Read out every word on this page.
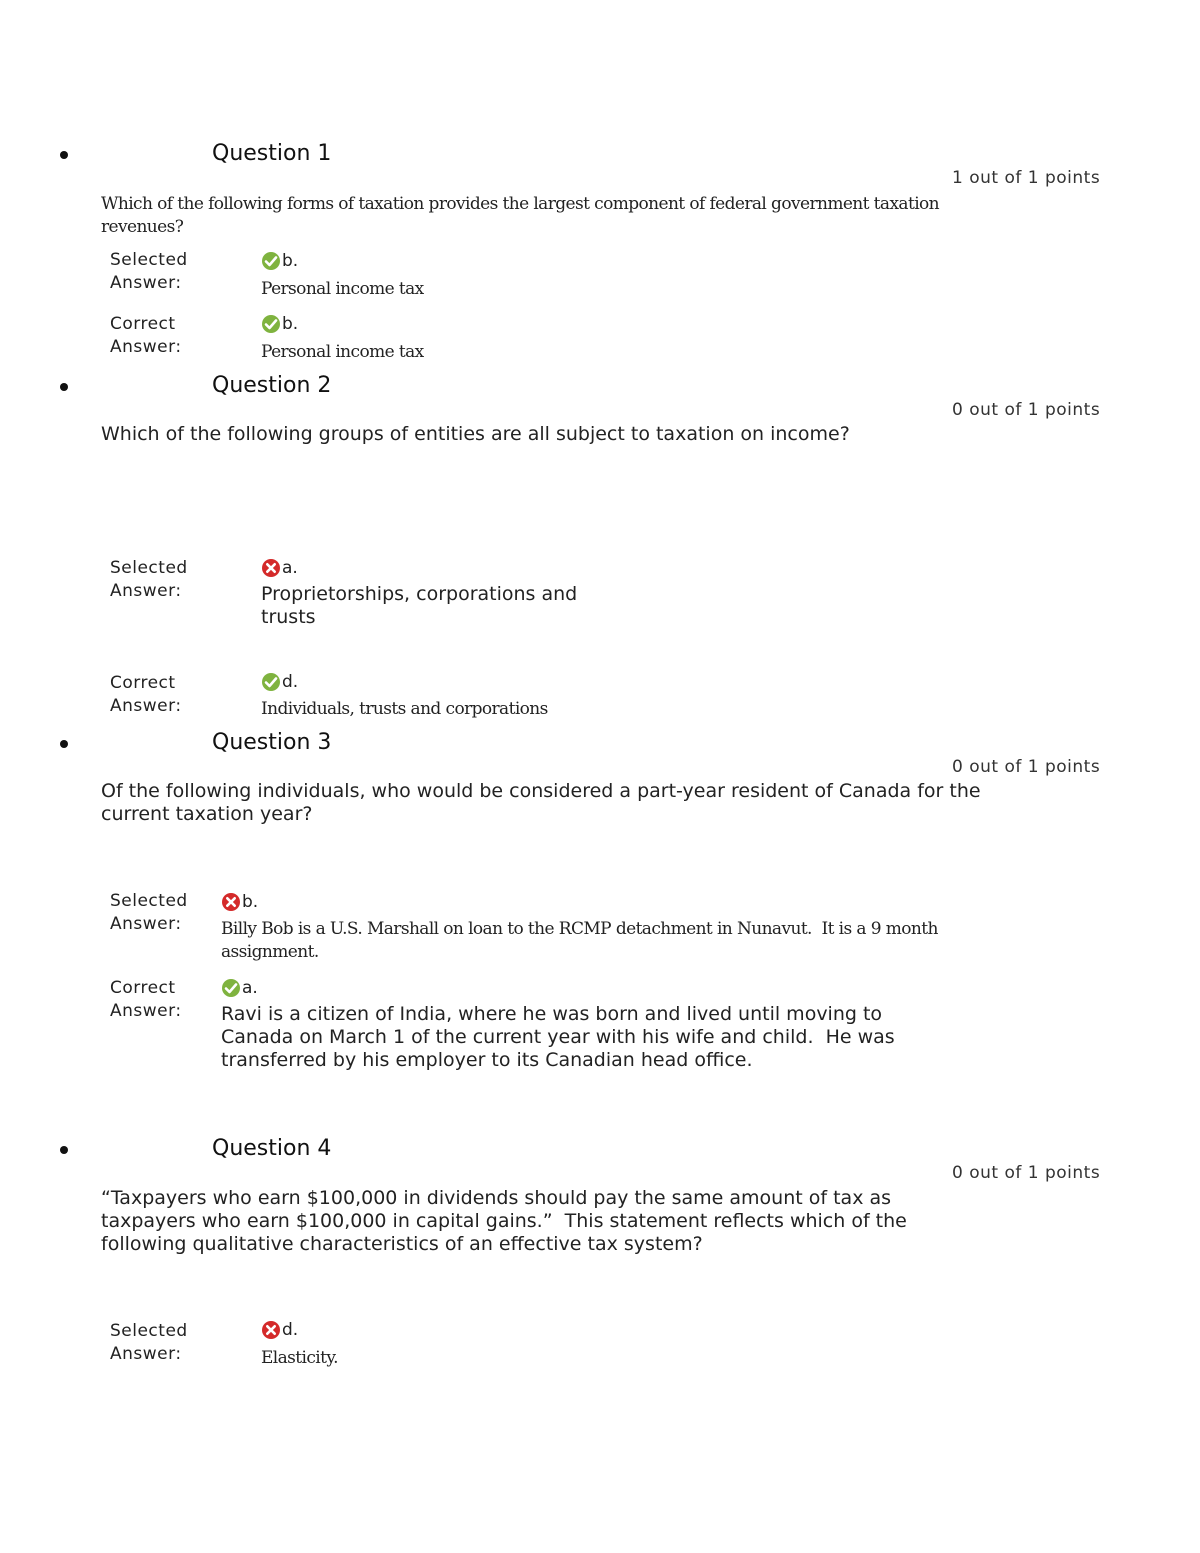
Question 1
1 out of 1 points
Which of the following forms of taxation provides the largest component of federal government taxation revenues?
Selected
Answer:
b.
Personal income tax
Correct
Answer:
b.
Personal income tax
Question 2
0 out of 1 points
Which of the following groups of entities are all subject to taxation on income?
Selected
Answer:
a.
Proprietorships, corporations and trusts
Correct
Answer:
d.
Individuals, trusts and corporations
Question 3
0 out of 1 points
Of the following individuals, who would be considered a part-year resident of Canada for the current taxation year?
Selected
Answer:
b.
Billy Bob is a U.S. Marshall on loan to the RCMP detachment in Nunavut.  It is a 9 month assignment.
Correct
Answer:
a.
Ravi is a citizen of India, where he was born and lived until moving to Canada on March 1 of the current year with his wife and child.  He was transferred by his employer to its Canadian head office.
Question 4
0 out of 1 points
“Taxpayers who earn $100,000 in dividends should pay the same amount of tax as taxpayers who earn $100,000 in capital gains.”  This statement reflects which of the following qualitative characteristics of an effective tax system?
Selected
Answer:
d.
Elasticity.
